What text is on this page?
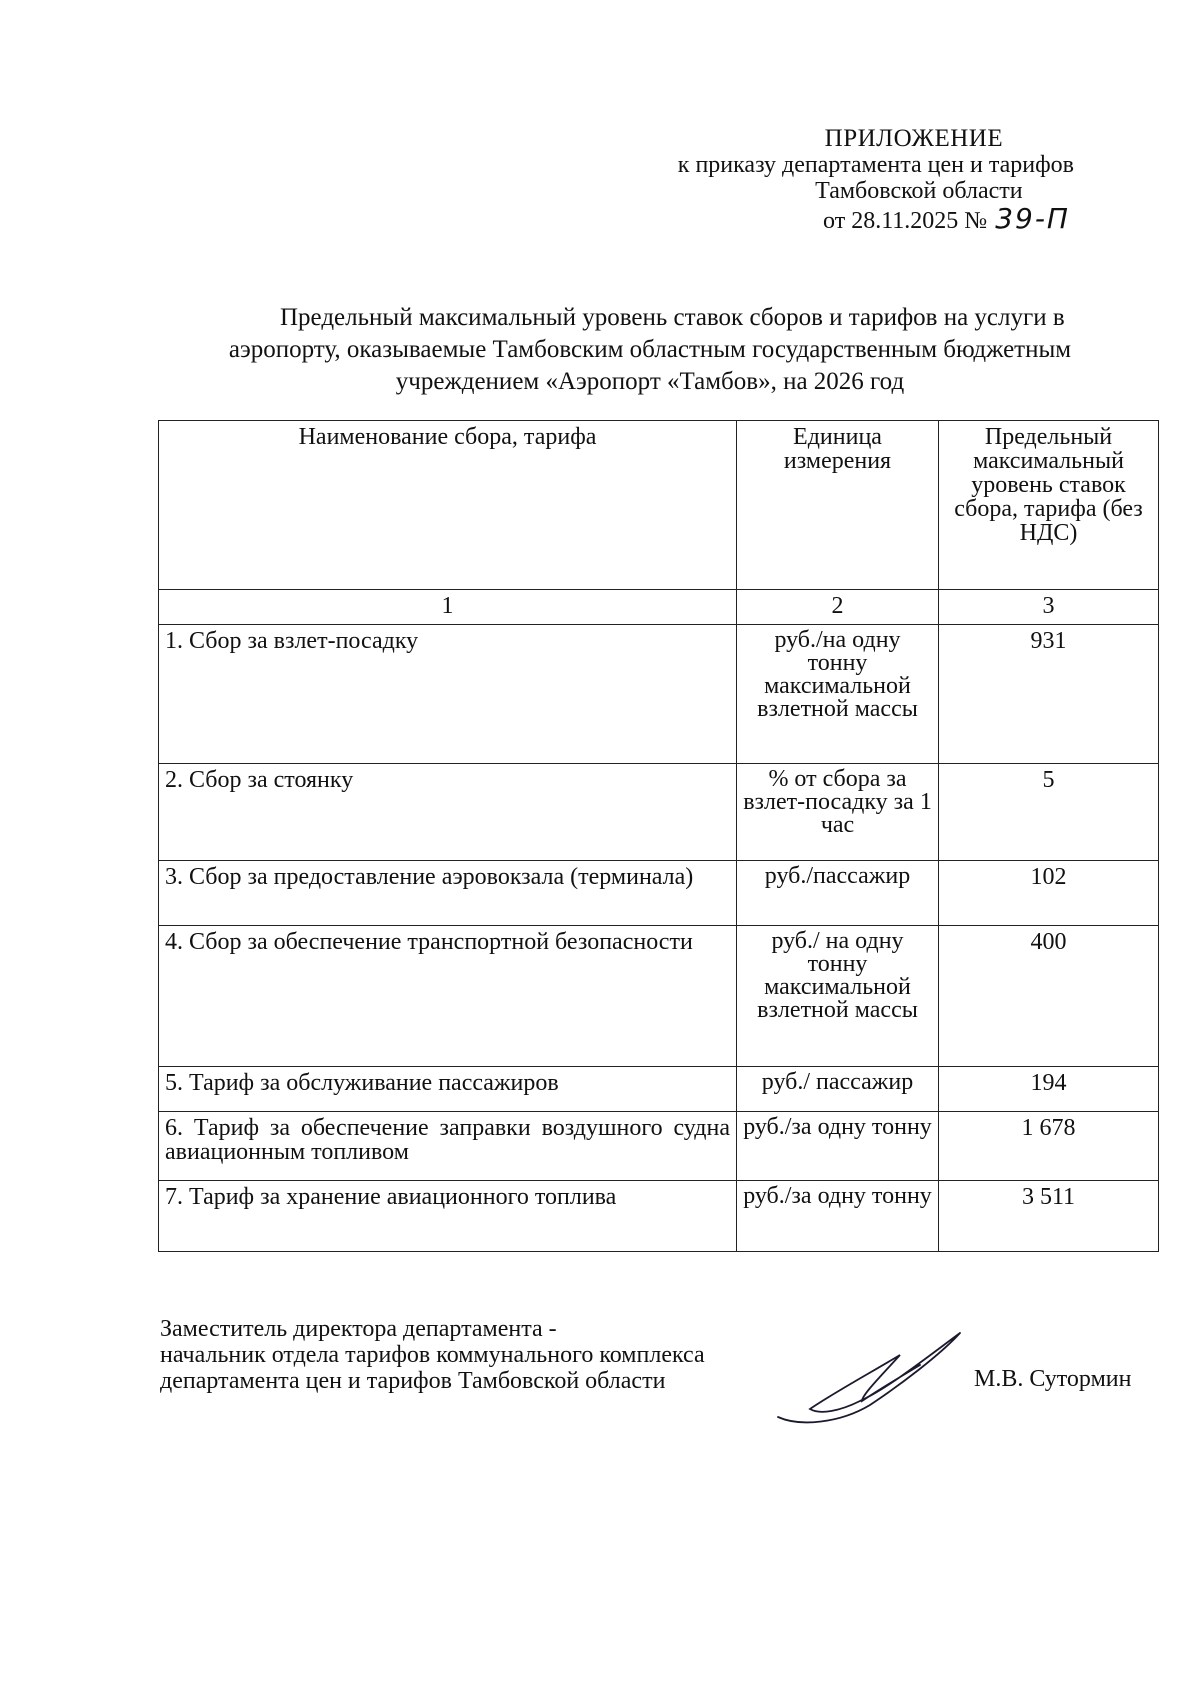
ПРИЛОЖЕНИЕ
к приказу департамента цен и тарифов
Тамбовской области
от 28.11.2025 № 39-П
Предельный максимальный уровень ставок сборов и тарифов на услуги в
аэропорту, оказываемые Тамбовским областным государственным бюджетным
учреждением «Аэропорт «Тамбов», на 2026 год
Наименование сбора, тарифа	Единица измерения	Предельный максимальный уровень ставок сбора, тарифа (без НДС)
1	2	3
1. Сбор за взлет-посадку	руб./на одну тонну максимальной взлетной массы	931
2. Сбор за стоянку	% от сбора за взлет-посадку за 1 час	5
3. Сбор за предоставление аэровокзала (терминала)	руб./пассажир	102
4. Сбор за обеспечение транспортной безопасности	руб./ на одну тонну максимальной взлетной массы	400
5. Тариф за обслуживание пассажиров	руб./ пассажир	194
6. Тариф за обеспечение заправки воздушного судна авиационным топливом	руб./за одну тонну	1 678
7. Тариф за хранение авиационного топлива	руб./за одну тонну	3 511
Заместитель директора департамента -
начальник отдела тарифов коммунального комплекса
департамента цен и тарифов Тамбовской области	М.В. Сутормин
